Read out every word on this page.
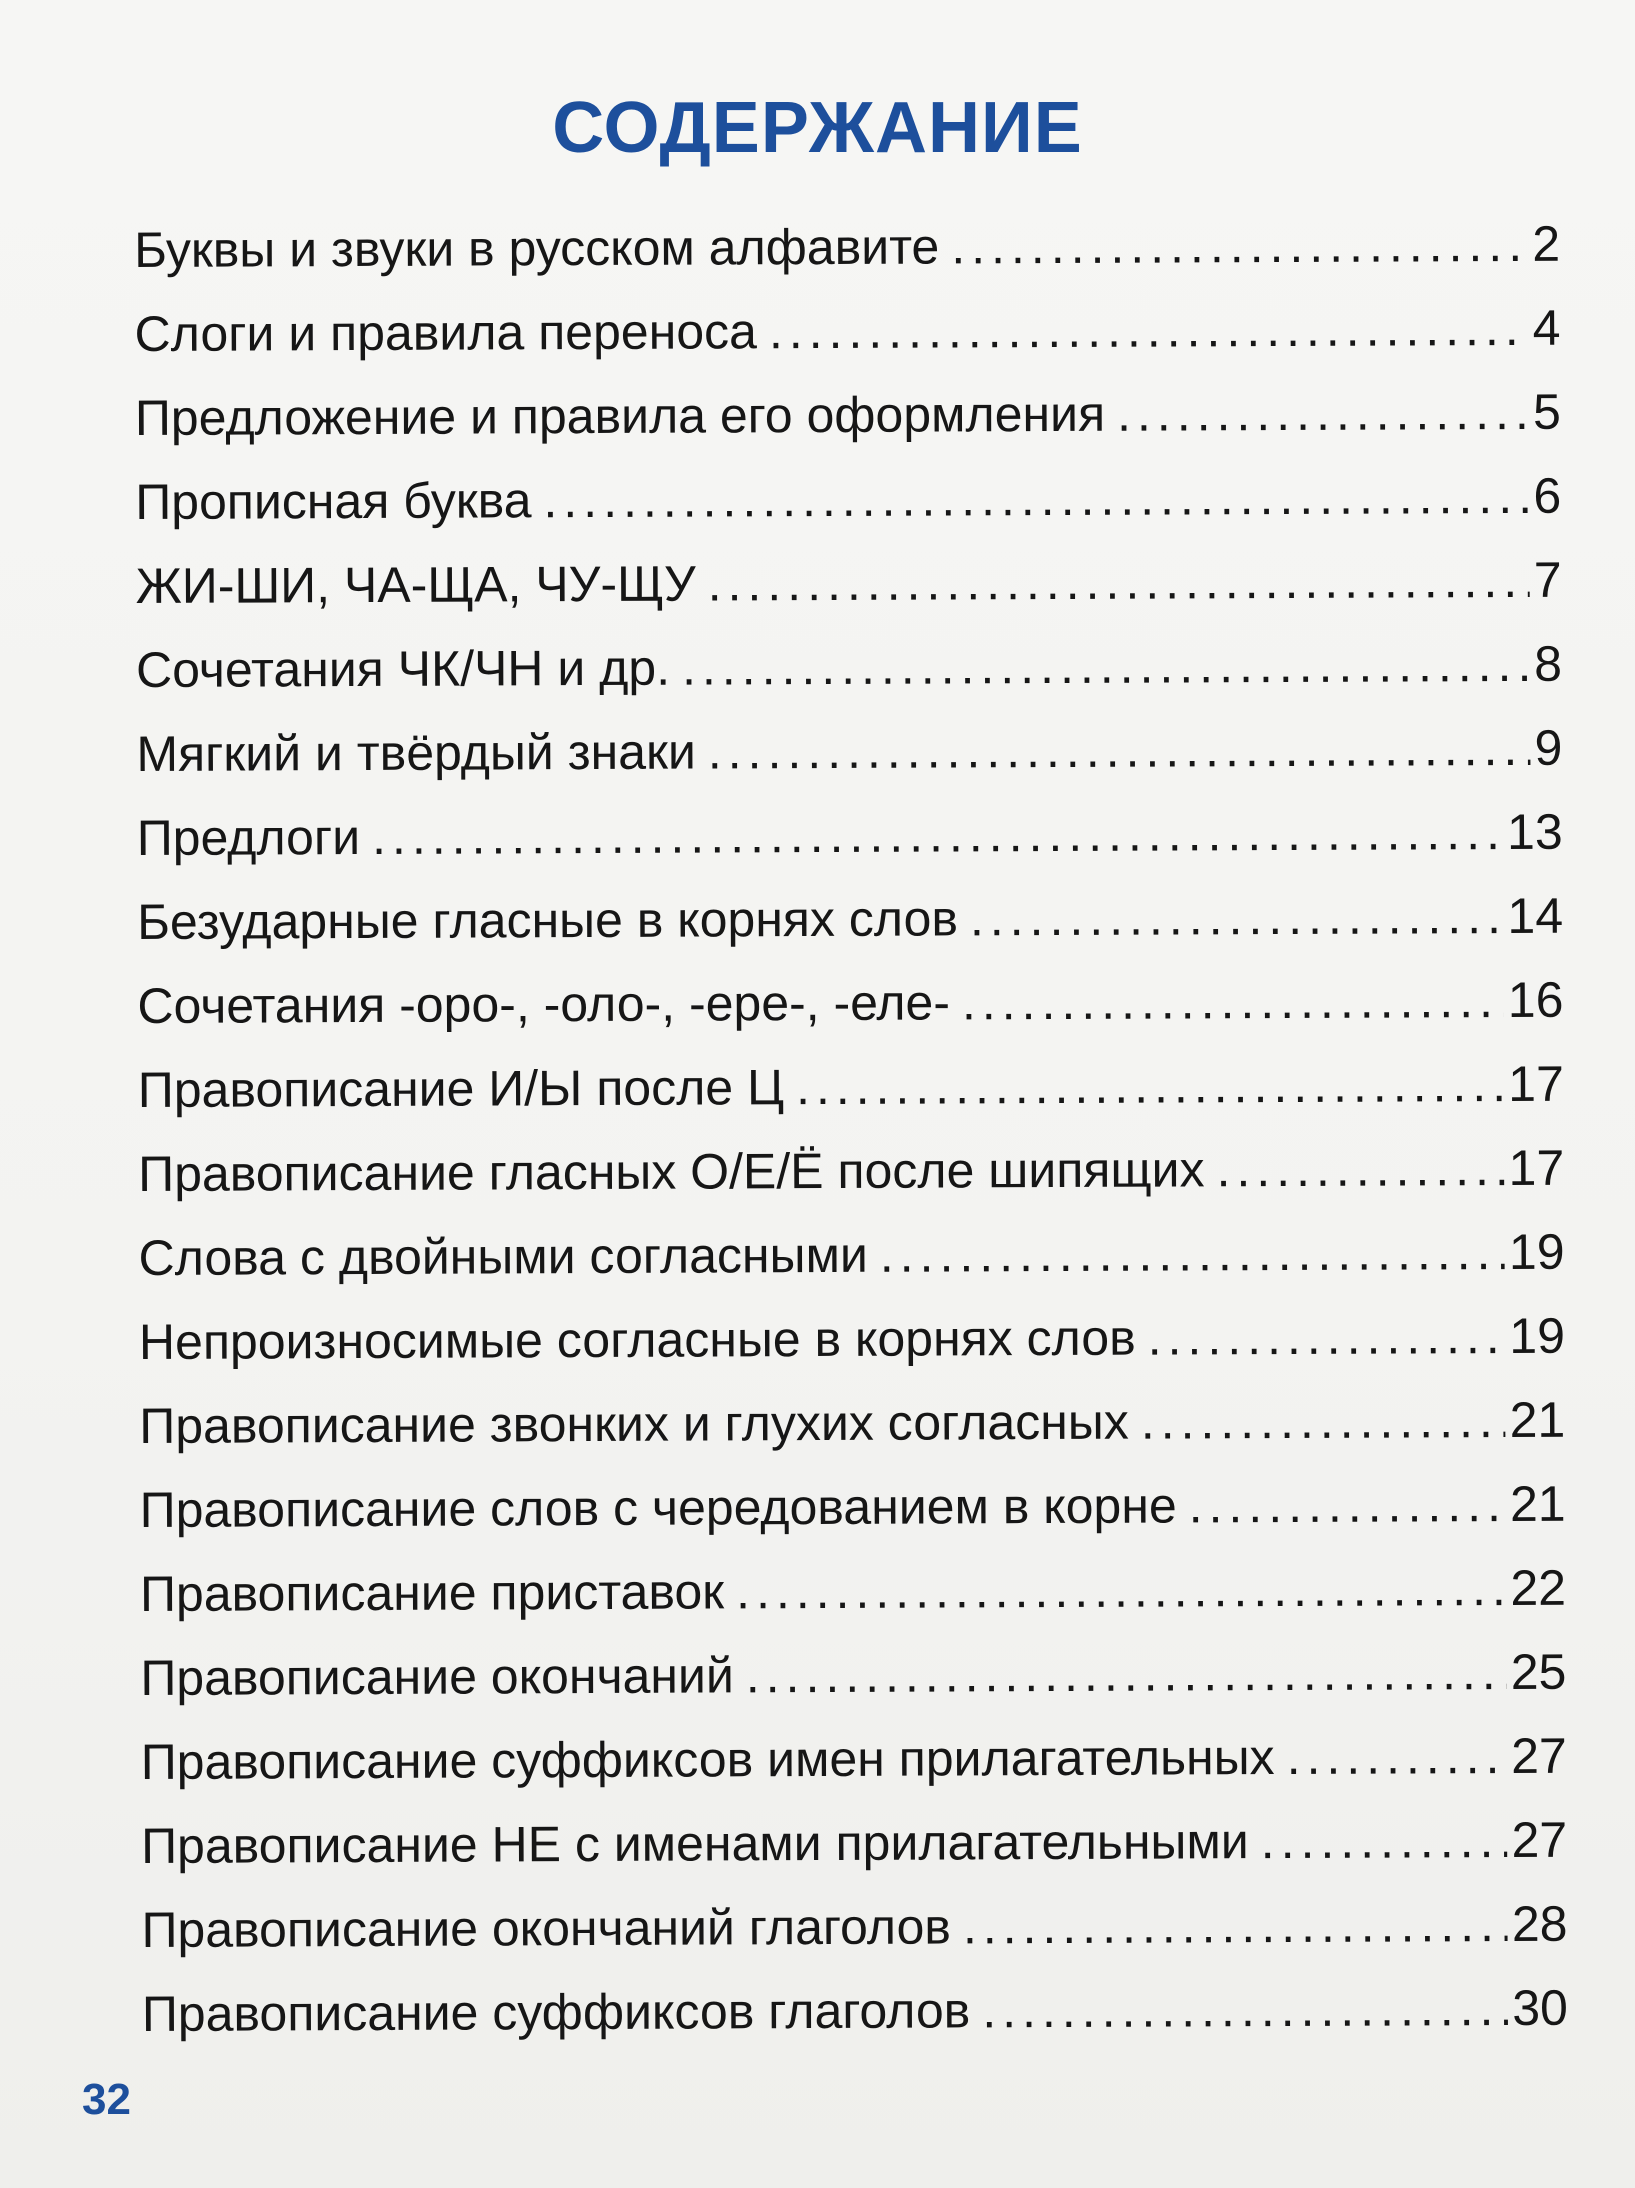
СОДЕРЖАНИЕ
Буквы и звуки в русском алфавите .....	2
Слоги и правила переноса .....	4
Предложение и правила его оформления .....	5
Прописная буква .....	6
ЖИ-ШИ, ЧА-ЩА, ЧУ-ЩУ .....	7
Сочетания ЧК/ЧН и др. .....	8
Мягкий и твёрдый знаки .....	9
Предлоги .....	13
Безударные гласные в корнях слов .....	14
Сочетания -оро-, -оло-, -ере-, -еле- .....	16
Правописание И/Ы после Ц .....	17
Правописание гласных О/Е/Ё после шипящих .....	17
Слова с двойными согласными .....	19
Непроизносимые согласные в корнях слов .....	19
Правописание звонких и глухих согласных .....	21
Правописание слов с чередованием в корне .....	21
Правописание приставок .....	22
Правописание окончаний .....	25
Правописание суффиксов имен прилагательных .....	27
Правописание НЕ с именами прилагательными .....	27
Правописание окончаний глаголов .....	28
Правописание суффиксов глаголов .....	30
32
